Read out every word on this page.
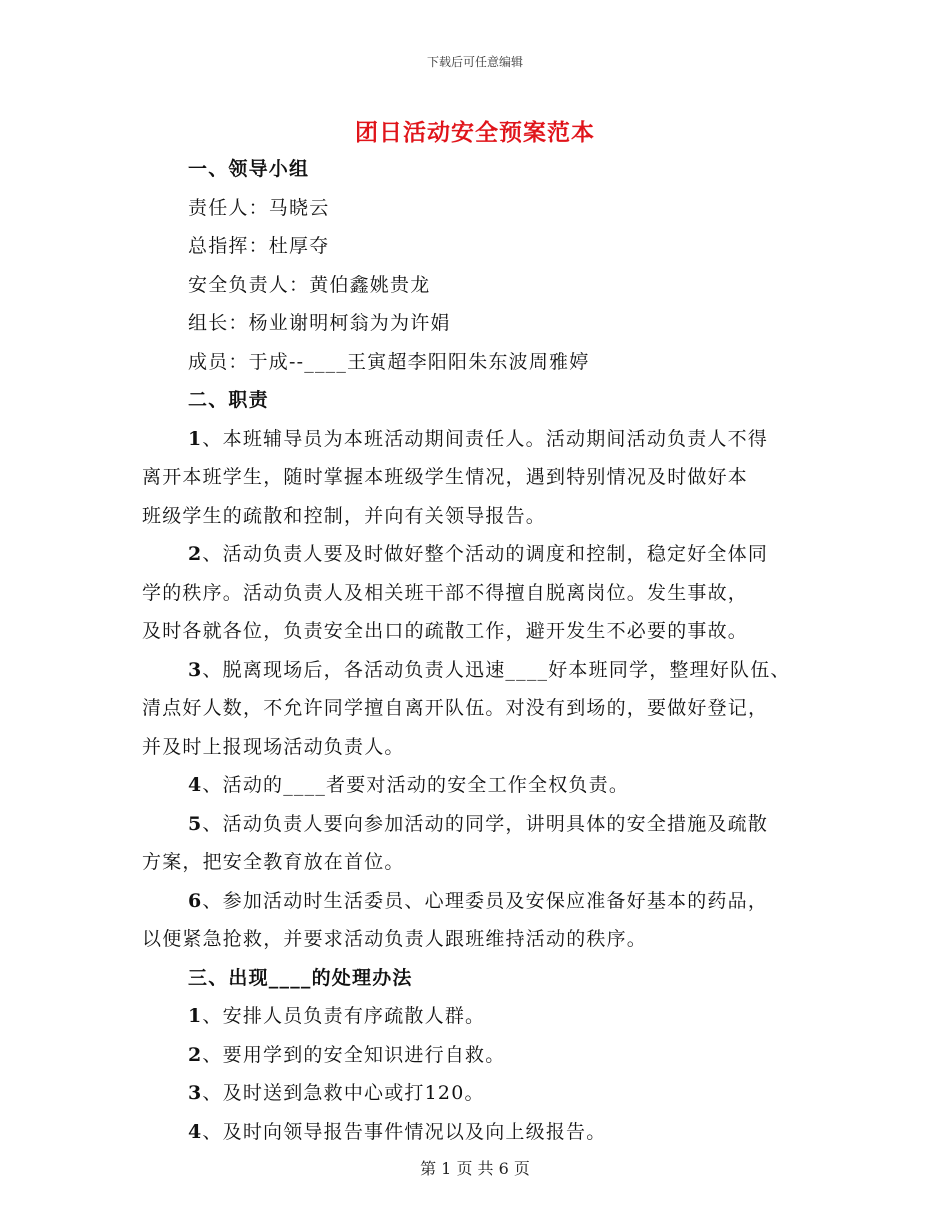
下载后可任意编辑
团日活动安全预案范本
一、领导小组
责任人：马晓云
总指挥：杜厚夺
安全负责人：黄伯鑫姚贵龙
组长：杨业谢明柯翁为为许娟
成员：于成--____王寅超李阳阳朱东波周雅婷
二、职责
1、本班辅导员为本班活动期间责任人。活动期间活动负责人不得
离开本班学生，随时掌握本班级学生情况，遇到特别情况及时做好本
班级学生的疏散和控制，并向有关领导报告。
2、活动负责人要及时做好整个活动的调度和控制，稳定好全体同
学的秩序。活动负责人及相关班干部不得擅自脱离岗位。发生事故，
及时各就各位，负责安全出口的疏散工作，避开发生不必要的事故。
3、脱离现场后，各活动负责人迅速____好本班同学，整理好队伍、
清点好人数，不允许同学擅自离开队伍。对没有到场的，要做好登记，
并及时上报现场活动负责人。
4、活动的____者要对活动的安全工作全权负责。
5、活动负责人要向参加活动的同学，讲明具体的安全措施及疏散
方案，把安全教育放在首位。
6、参加活动时生活委员、心理委员及安保应准备好基本的药品，
以便紧急抢救，并要求活动负责人跟班维持活动的秩序。
三、出现____的处理办法
1、安排人员负责有序疏散人群。
2、要用学到的安全知识进行自救。
3、及时送到急救中心或打120。
4、及时向领导报告事件情况以及向上级报告。
第 1 页 共 6 页
